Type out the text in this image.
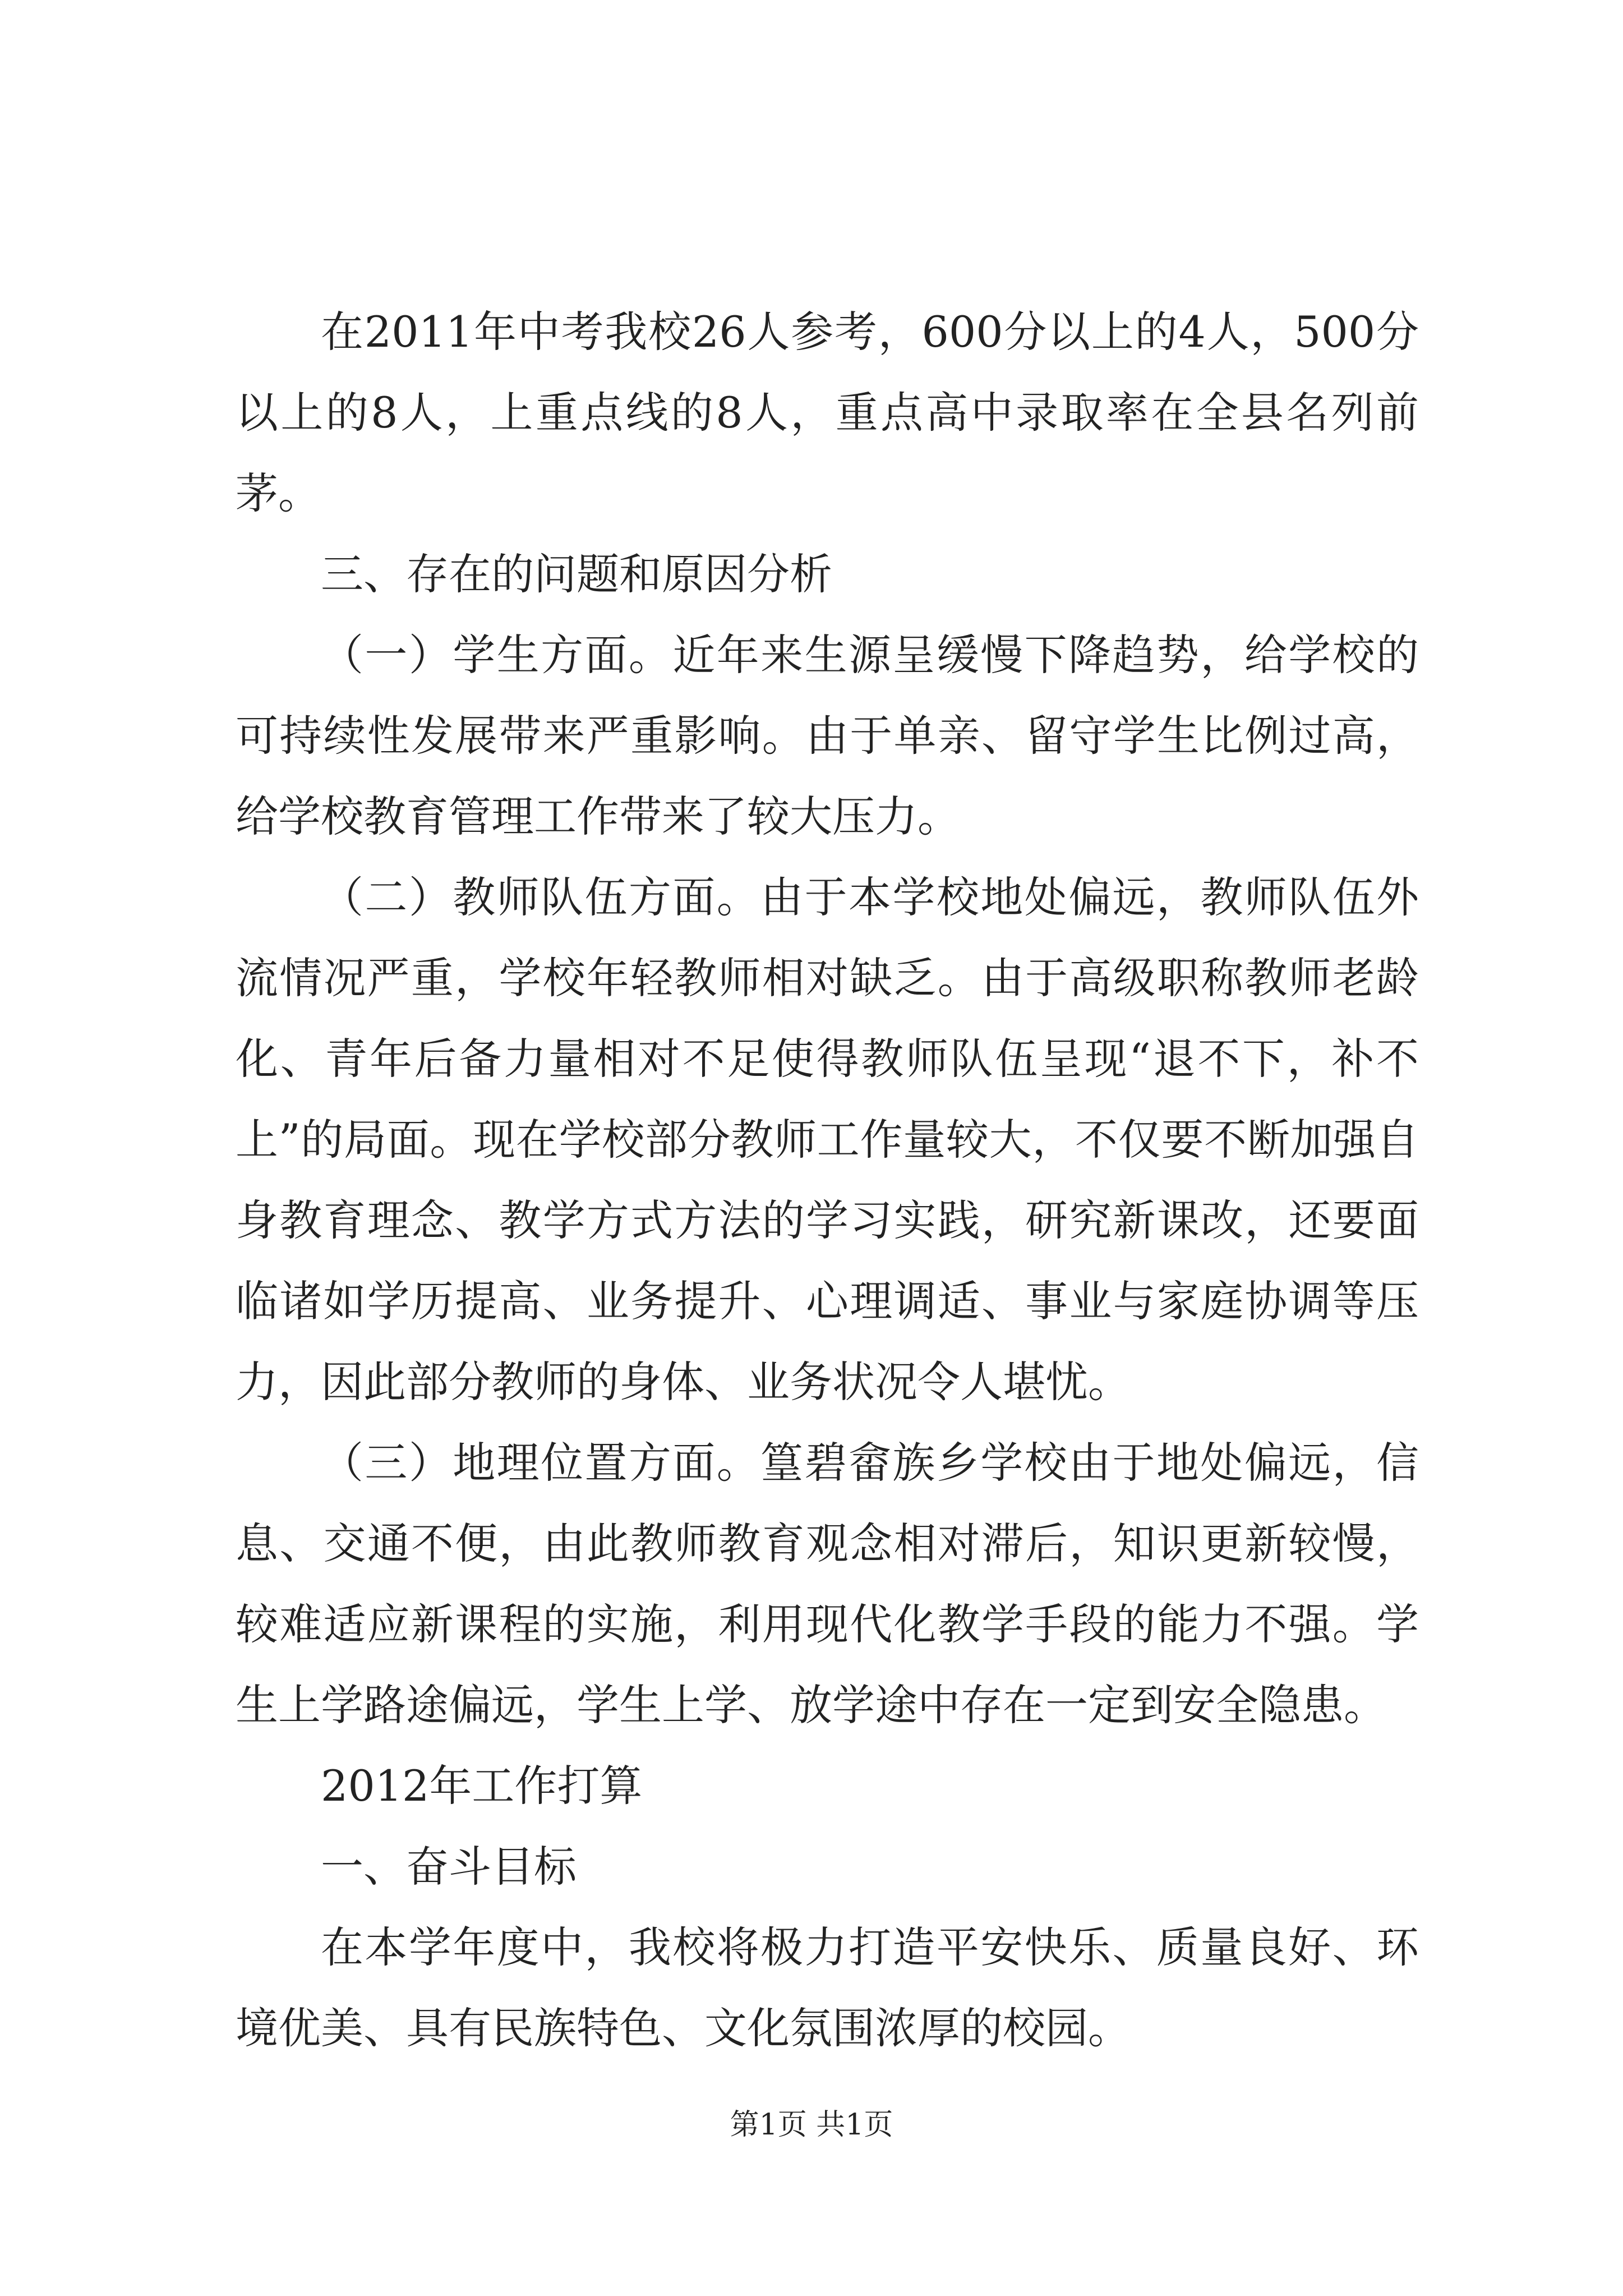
在2011年中考我校26人参考，600分以上的4人，500分以上的8人，上重点线的8人，重点高中录取率在全县名列前茅。

三、存在的问题和原因分析

（一）学生方面。近年来生源呈缓慢下降趋势，给学校的可持续性发展带来严重影响。由于单亲、留守学生比例过高，给学校教育管理工作带来了较大压力。

（二）教师队伍方面。由于本学校地处偏远，教师队伍外流情况严重，学校年轻教师相对缺乏。由于高级职称教师老龄化、青年后备力量相对不足使得教师队伍呈现“退不下，补不上”的局面。现在学校部分教师工作量较大，不仅要不断加强自身教育理念、教学方式方法的学习实践，研究新课改，还要面临诸如学历提高、业务提升、心理调适、事业与家庭协调等压力，因此部分教师的身体、业务状况令人堪忧。

（三）地理位置方面。篁碧畲族乡学校由于地处偏远，信息、交通不便，由此教师教育观念相对滞后，知识更新较慢，较难适应新课程的实施，利用现代化教学手段的能力不强。学生上学路途偏远，学生上学、放学途中存在一定到安全隐患。

2012年工作打算

一、奋斗目标

在本学年度中，我校将极力打造平安快乐、质量良好、环境优美、具有民族特色、文化氛围浓厚的校园。

第1页 共1页
